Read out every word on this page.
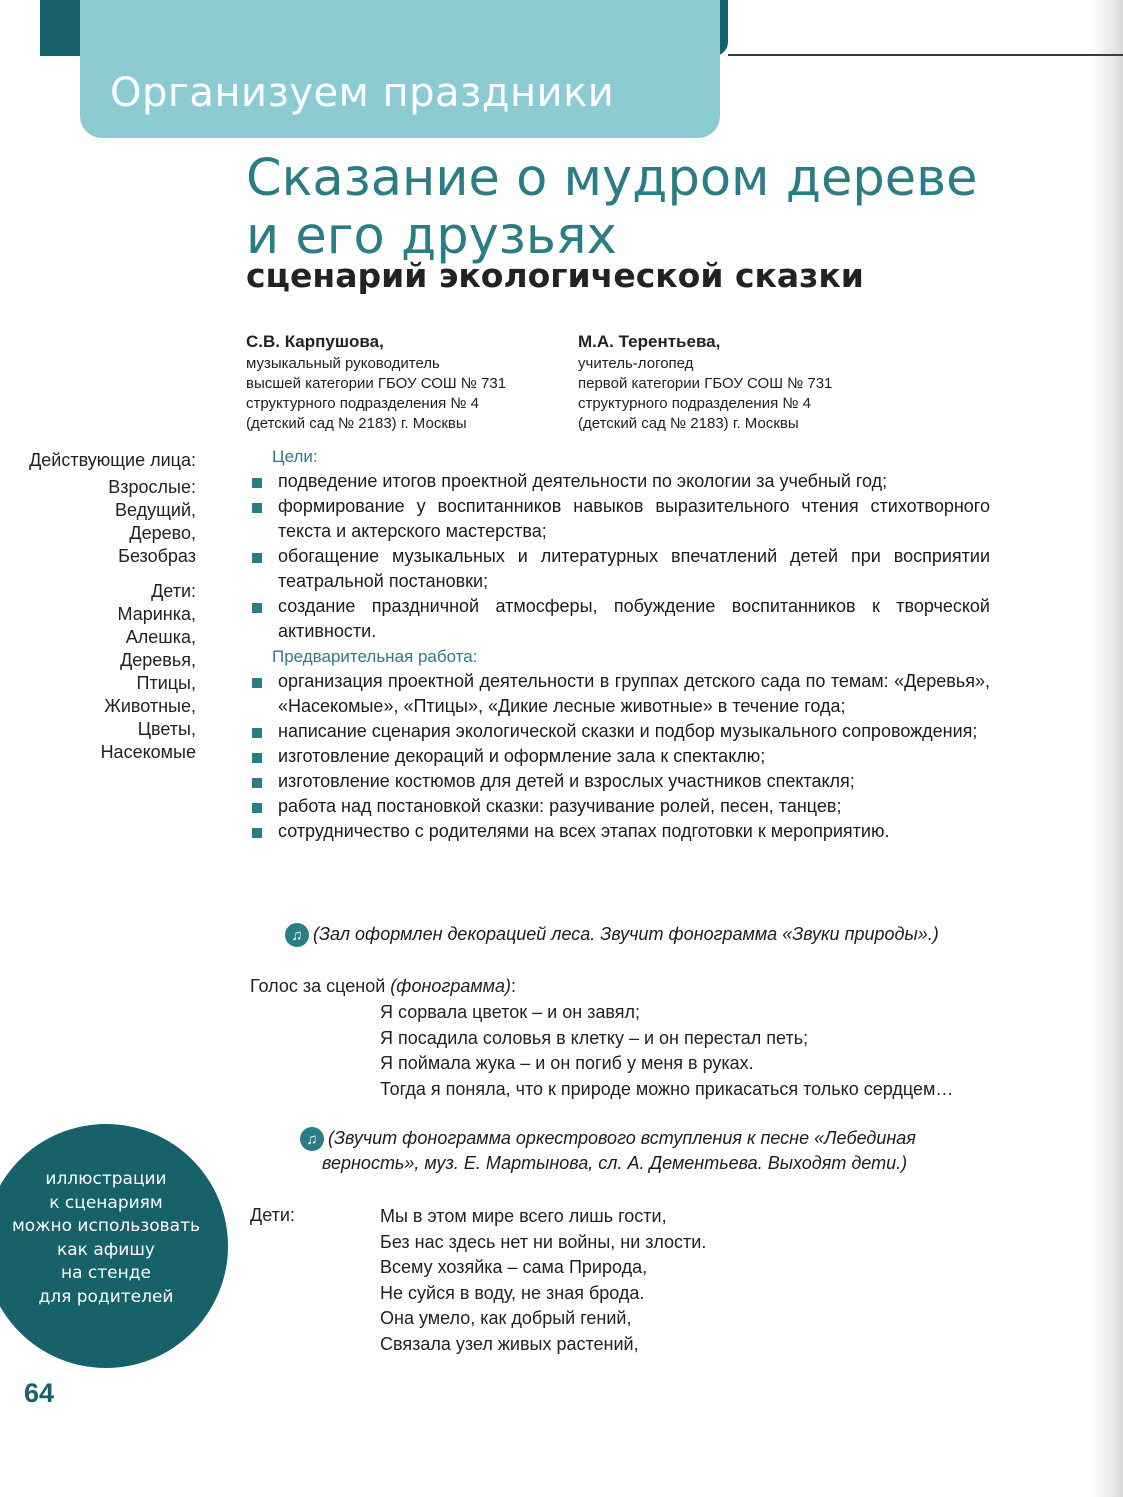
Организуем праздники
Сказание о мудром дереве
и его друзьях
сценарий экологической сказки
С.В. Карпушова,
музыкальный руководитель
высшей категории ГБОУ СОШ № 731
структурного подразделения № 4
(детский сад № 2183) г. Москвы
М.А. Терентьева,
учитель-логопед
первой категории ГБОУ СОШ № 731
структурного подразделения № 4
(детский сад № 2183) г. Москвы
Действующие лица:
Взрослые:
Ведущий,
Дерево,
Безобраз
Дети:
Маринка,
Алешка,
Деревья,
Птицы,
Животные,
Цветы,
Насекомые
Цели:
подведение итогов проектной деятельности по экологии за учебный год;
формирование у воспитанников навыков выразительного чтения стихотворного текста и актерского мастерства;
обогащение музыкальных и литературных впечатлений детей при восприятии театральной постановки;
создание праздничной атмосферы, побуждение воспитанников к творческой активности.
Предварительная работа:
организация проектной деятельности в группах детского сада по темам: «Деревья», «Насекомые», «Птицы», «Дикие лесные животные» в течение года;
написание сценария экологической сказки и подбор музыкального сопровождения;
изготовление декораций и оформление зала к спектаклю;
изготовление костюмов для детей и взрослых участников спектакля;
работа над постановкой сказки: разучивание ролей, песен, танцев;
сотрудничество с родителями на всех этапах подготовки к мероприятию.
♫ (Зал оформлен декорацией леса. Звучит фонограмма «Звуки природы».)
Голос за сценой (фонограмма):
Я сорвала цветок – и он завял;
Я посадила соловья в клетку – и он перестал петь;
Я поймала жука – и он погиб у меня в руках.
Тогда я поняла, что к природе можно прикасаться только сердцем…
♫ (Звучит фонограмма оркестрового вступления к песне «Лебединая
верность», муз. Е. Мартынова, сл. А. Дементьева. Выходят дети.)
Дети:	Мы в этом мире всего лишь гости,
Без нас здесь нет ни войны, ни злости.
Всему хозяйка – сама Природа,
Не суйся в воду, не зная брода.
Она умело, как добрый гений,
Связала узел живых растений,
иллюстрации
к сценариям
можно использовать
как афишу
на стенде
для родителей
64
